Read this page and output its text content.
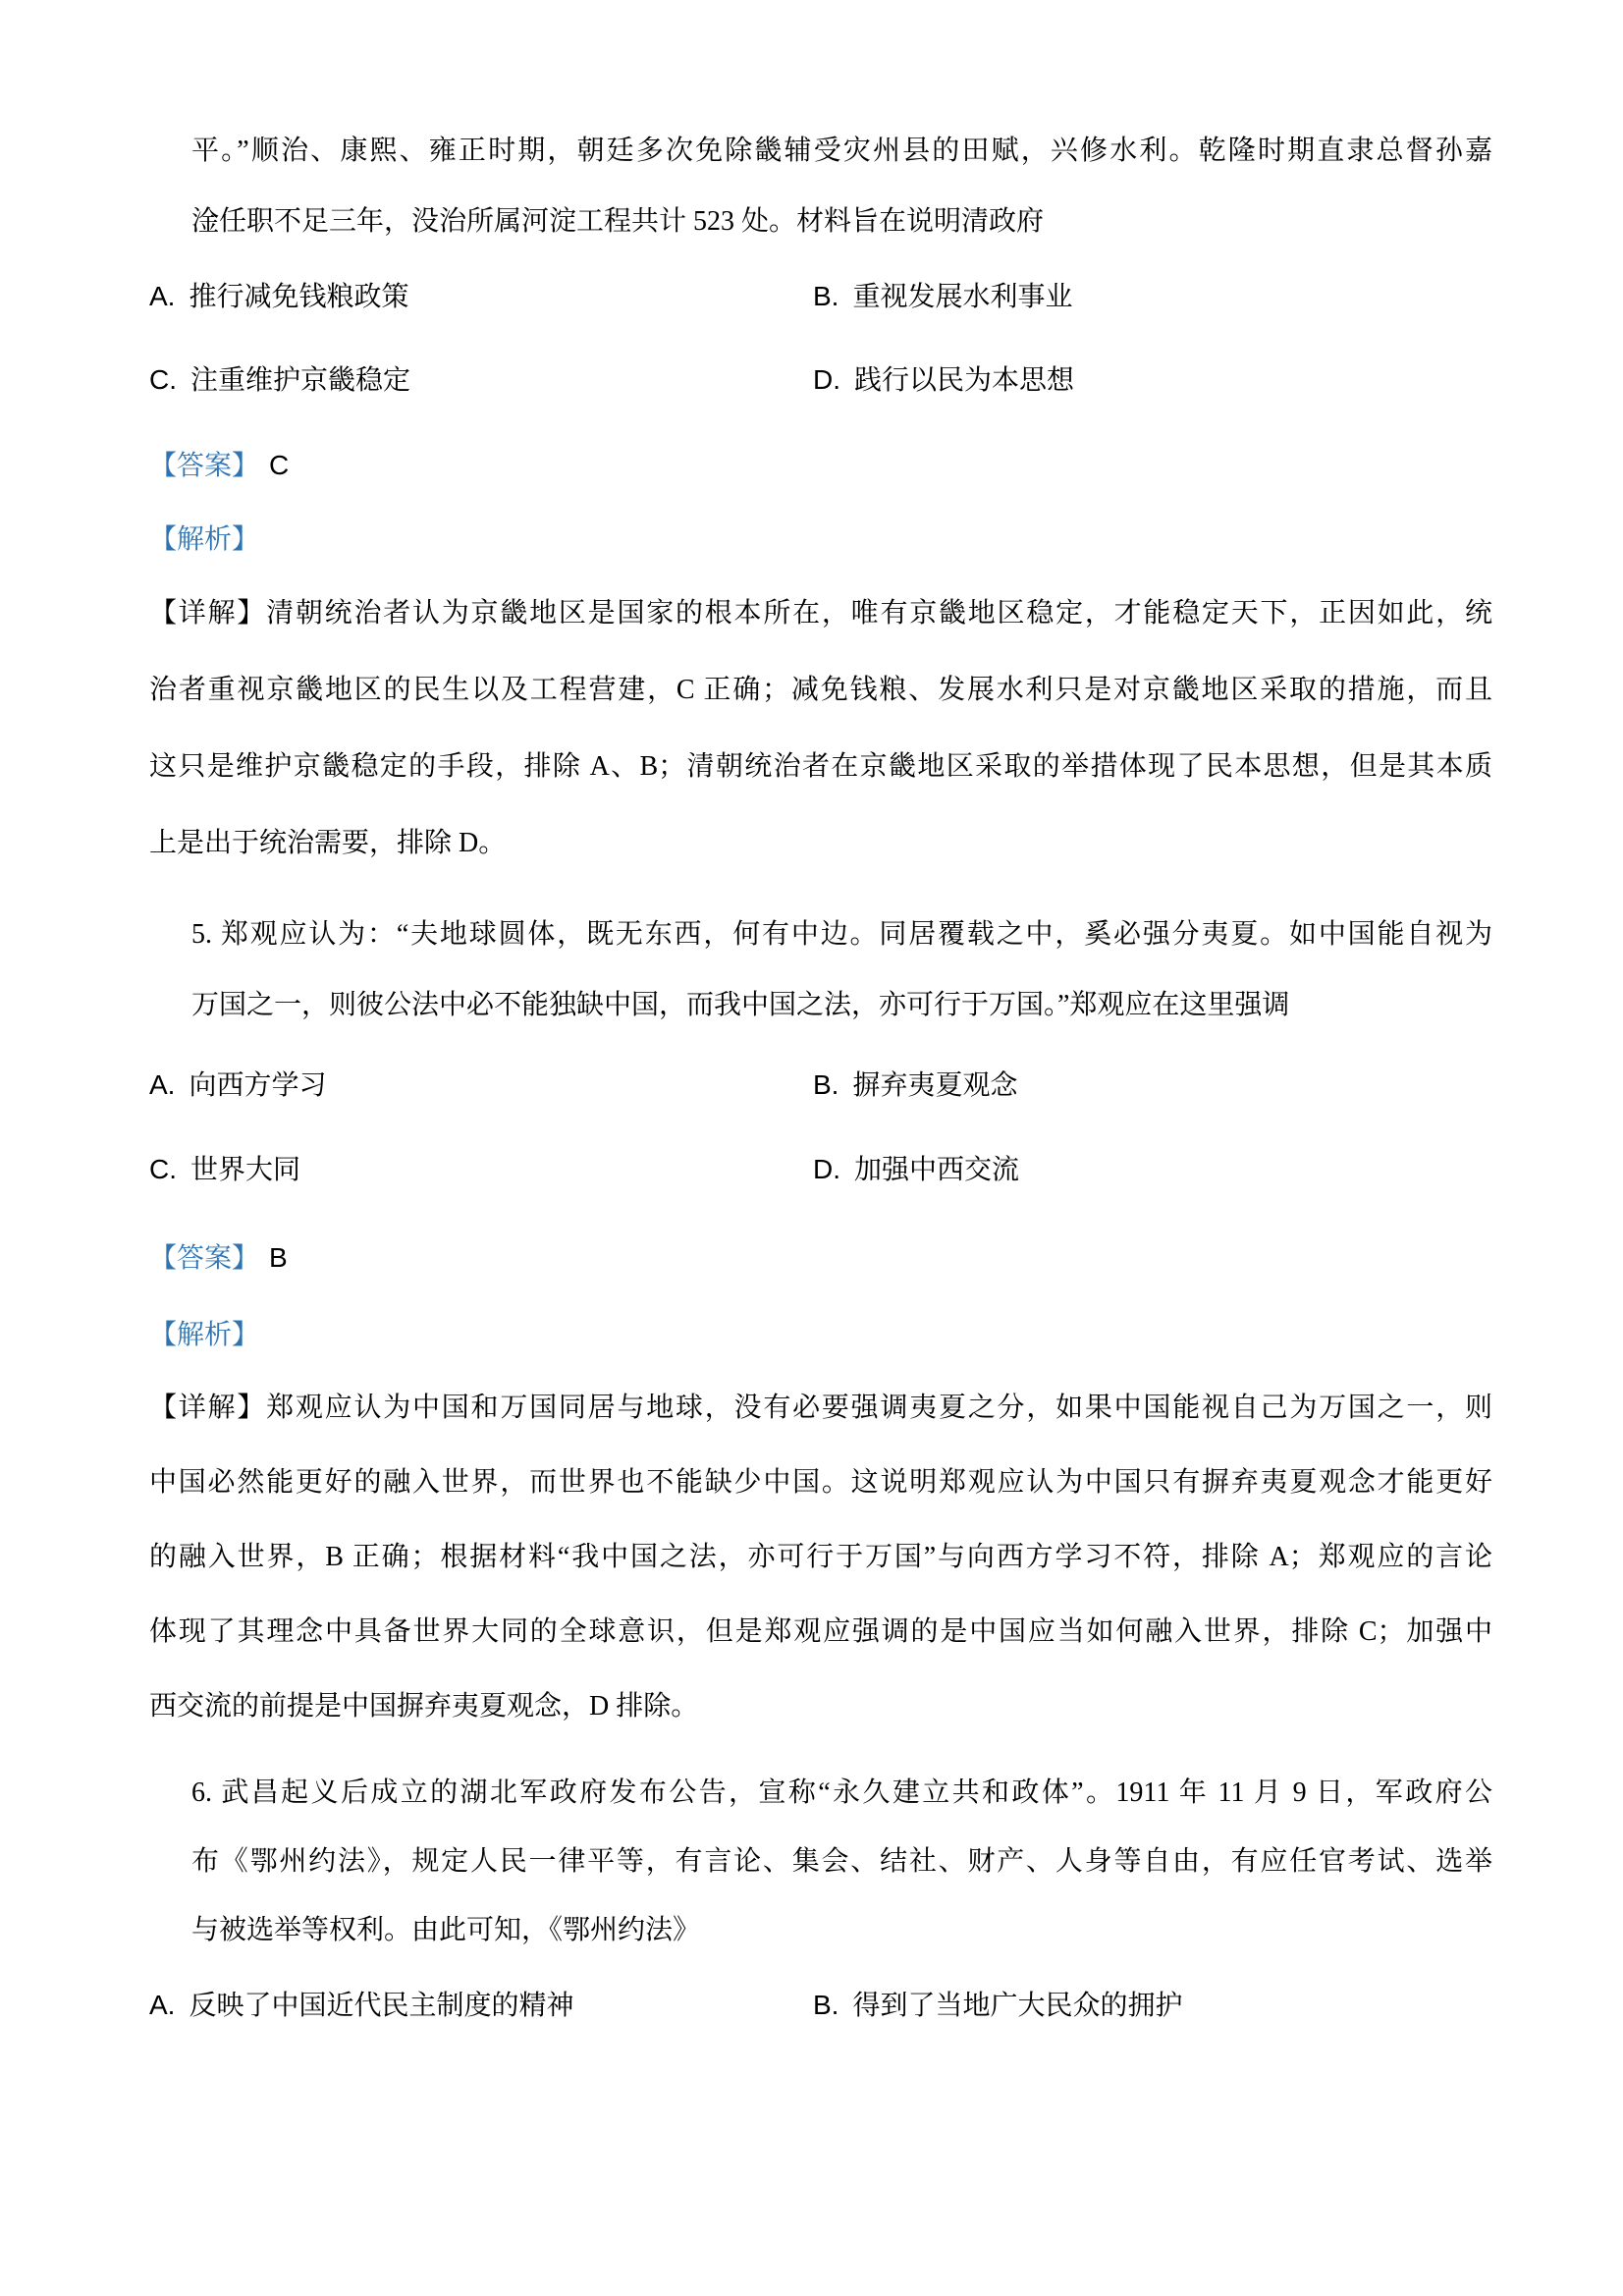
平。”顺治、康熙、雍正时期，朝廷多次免除畿辅受灾州县的田赋，兴修水利。乾隆时期直隶总督孙嘉
淦任职不足三年，没治所属河淀工程共计 523 处。材料旨在说明清政府
A. 推行减免钱粮政策	B. 重视发展水利事业
C. 注重维护京畿稳定	D. 践行以民为本思想
【答案】 C
【解析】
【详解】清朝统治者认为京畿地区是国家的根本所在，唯有京畿地区稳定，才能稳定天下，正因如此，统
治者重视京畿地区的民生以及工程营建，C 正确；减免钱粮、发展水利只是对京畿地区采取的措施，而且
这只是维护京畿稳定的手段，排除 A、B；清朝统治者在京畿地区采取的举措体现了民本思想，但是其本质
上是出于统治需要，排除 D。
5. 郑观应认为：“夫地球圆体，既无东西，何有中边。同居覆载之中，奚必强分夷夏。如中国能自视为
万国之一，则彼公法中必不能独缺中国，而我中国之法，亦可行于万国。”郑观应在这里强调
A. 向西方学习	B. 摒弃夷夏观念
C. 世界大同	D. 加强中西交流
【答案】 B
【解析】
【详解】郑观应认为中国和万国同居与地球，没有必要强调夷夏之分，如果中国能视自己为万国之一，则
中国必然能更好的融入世界，而世界也不能缺少中国。这说明郑观应认为中国只有摒弃夷夏观念才能更好
的融入世界，B 正确；根据材料“我中国之法，亦可行于万国”与向西方学习不符，排除 A；郑观应的言论
体现了其理念中具备世界大同的全球意识，但是郑观应强调的是中国应当如何融入世界，排除 C；加强中
西交流的前提是中国摒弃夷夏观念，D 排除。
6. 武昌起义后成立的湖北军政府发布公告，宣称“永久建立共和政体”。1911 年 11 月 9 日，军政府公
布《鄂州约法》，规定人民一律平等，有言论、集会、结社、财产、人身等自由，有应任官考试、选举
与被选举等权利。由此可知，《鄂州约法》
A. 反映了中国近代民主制度的精神	B. 得到了当地广大民众的拥护
